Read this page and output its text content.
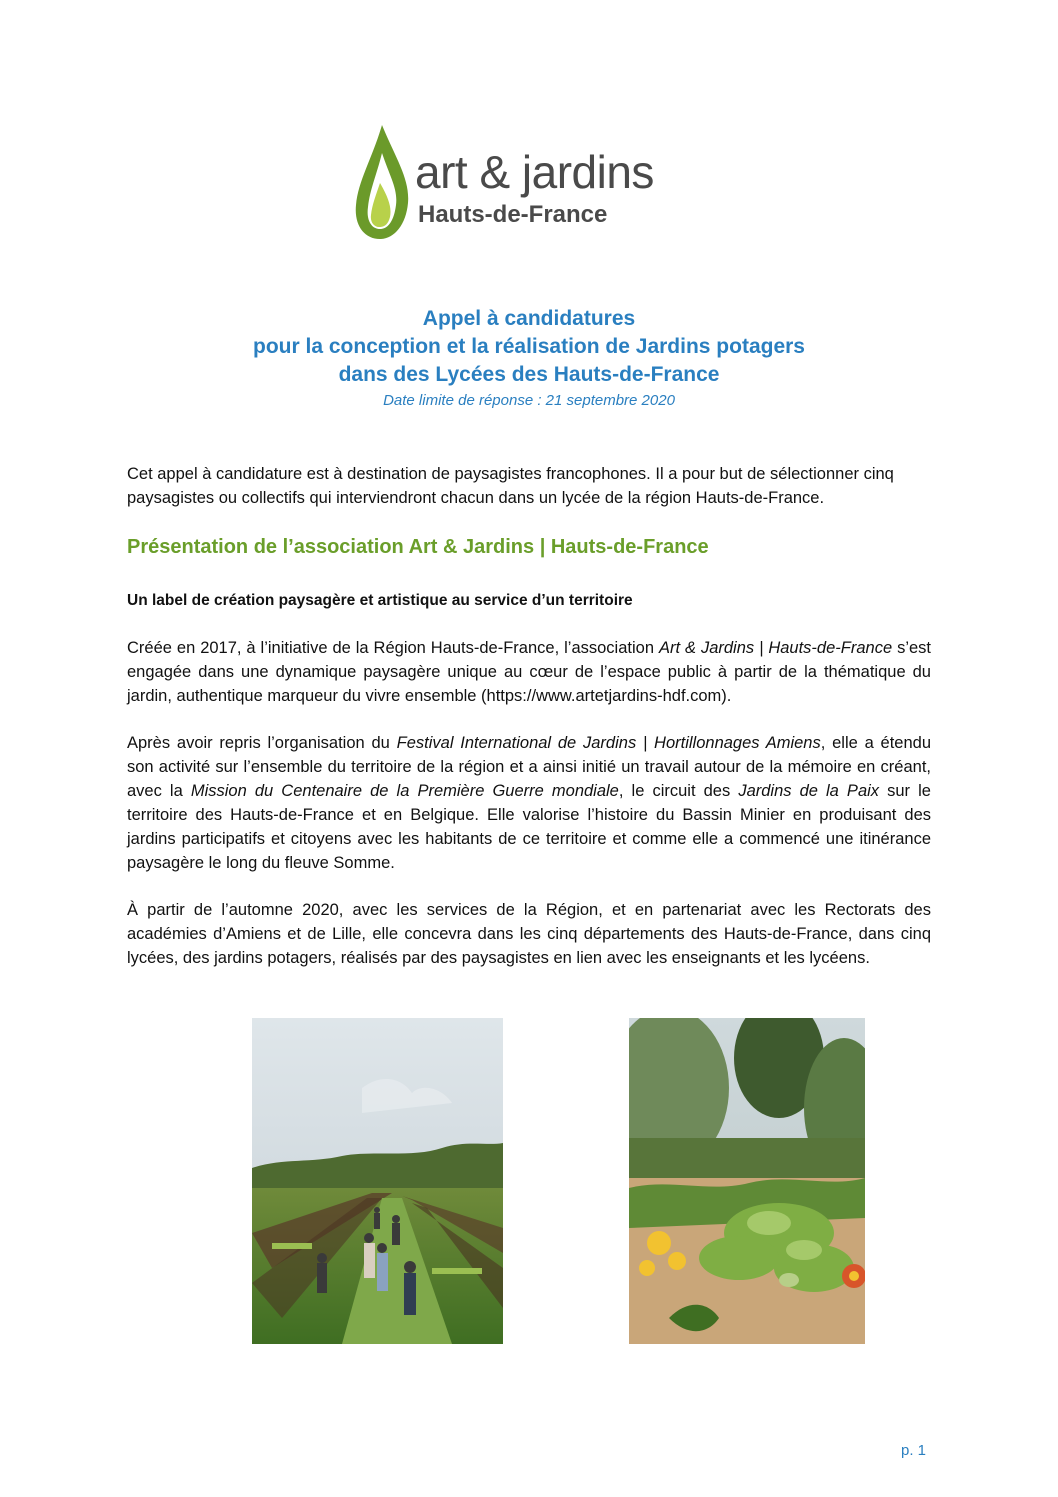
art & jardins
Hauts-de-France
Appel à candidatures
pour la conception et la réalisation de Jardins potagers
dans des Lycées des Hauts-de-France
Date limite de réponse : 21 septembre 2020
Cet appel à candidature est à destination de paysagistes francophones. Il a pour but de sélectionner cinq paysagistes ou collectifs qui interviendront chacun dans un lycée de la région Hauts-de-France.
Présentation de l’association Art & Jardins | Hauts-de-France
Un label de création paysagère et artistique au service d’un territoire
Créée en 2017, à l’initiative de la Région Hauts-de-France, l’association Art & Jardins | Hauts-de-France s’est engagée dans une dynamique paysagère unique au cœur de l’espace public à partir de la thématique du jardin, authentique marqueur du vivre ensemble (https://www.artetjardins-hdf.com).
Après avoir repris l’organisation du Festival International de Jardins | Hortillonnages Amiens, elle a étendu son activité sur l’ensemble du territoire de la région et a ainsi initié un travail autour de la mémoire en créant, avec la Mission du Centenaire de la Première Guerre mondiale, le circuit des Jardins de la Paix sur le territoire des Hauts-de-France et en Belgique. Elle valorise l’histoire du Bassin Minier en produisant des jardins participatifs et citoyens avec les habitants de ce territoire et comme elle a commencé une itinérance paysagère le long du fleuve Somme.
À partir de l’automne 2020, avec les services de la Région, et en partenariat avec les Rectorats des académies d’Amiens et de Lille, elle concevra dans les cinq départements des Hauts-de-France, dans cinq lycées, des jardins potagers, réalisés par des paysagistes en lien avec les enseignants et les lycéens.
p. 1
